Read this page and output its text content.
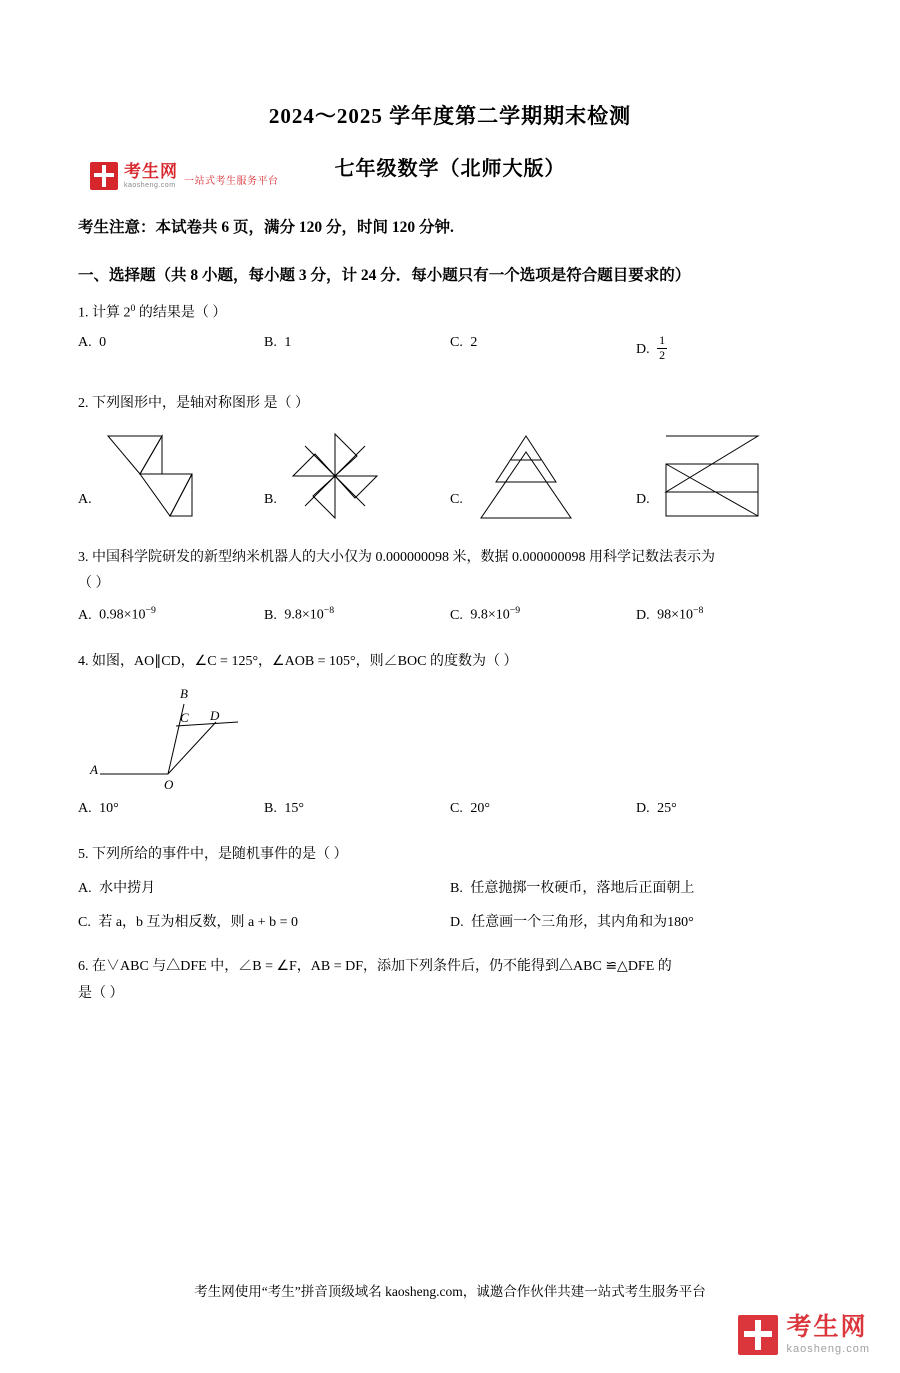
考生网
kaosheng.com 一站式考生服务平台
2024～2025 学年度第二学期期末检测
七年级数学（北师大版）
考生注意：本试卷共 6 页，满分 120 分，时间 120 分钟.
一、选择题（共 8 小题，每小题 3 分，计 24 分．每小题只有一个选项是符合题目要求的）
1. 计算 $2^0$ 的结果是（ ）
A. 0	B. 1	C. 2	D. $\frac{1}{2}$
2. 下列图形中，是轴对称图形 是（ ）
A.	B.	C.	D.
3. 中国科学院研发的新型纳米机器人的大小仅为 0.000000098 米，数据 0.000000098 用科学记数法表示为
（ ）
A. $0.98\times 10^{-9}$	B. $9.8\times 10^{-8}$	C. $9.8\times 10^{-9}$	D. $98\times 10^{-8}$
4. 如图，AO∥CD，∠C = 125°，∠AOB = 105°，则∠BOC 的度数为（ ）
A
B
C D
O
A. 10°	B. 15°	C. 20°	D. 25°
5. 下列所给的事件中，是随机事件的是（ ）
A. 水中捞月	B. 任意抛掷一枚硬币，落地后正面朝上
C. 若 a，b 互为相反数，则 a + b = 0	D. 任意画一个三角形，其内角和为180°
6. 在∨ABC 与△DFE 中，∠B = ∠F，AB = DF，添加下列条件后，仍不能得到△ABC ≌△DFE 的
是（ ）
考生网使用“考生”拼音顶级域名 kaosheng.com，诚邀合作伙伴共建一站式考生服务平台
考生网
kaosheng.com
